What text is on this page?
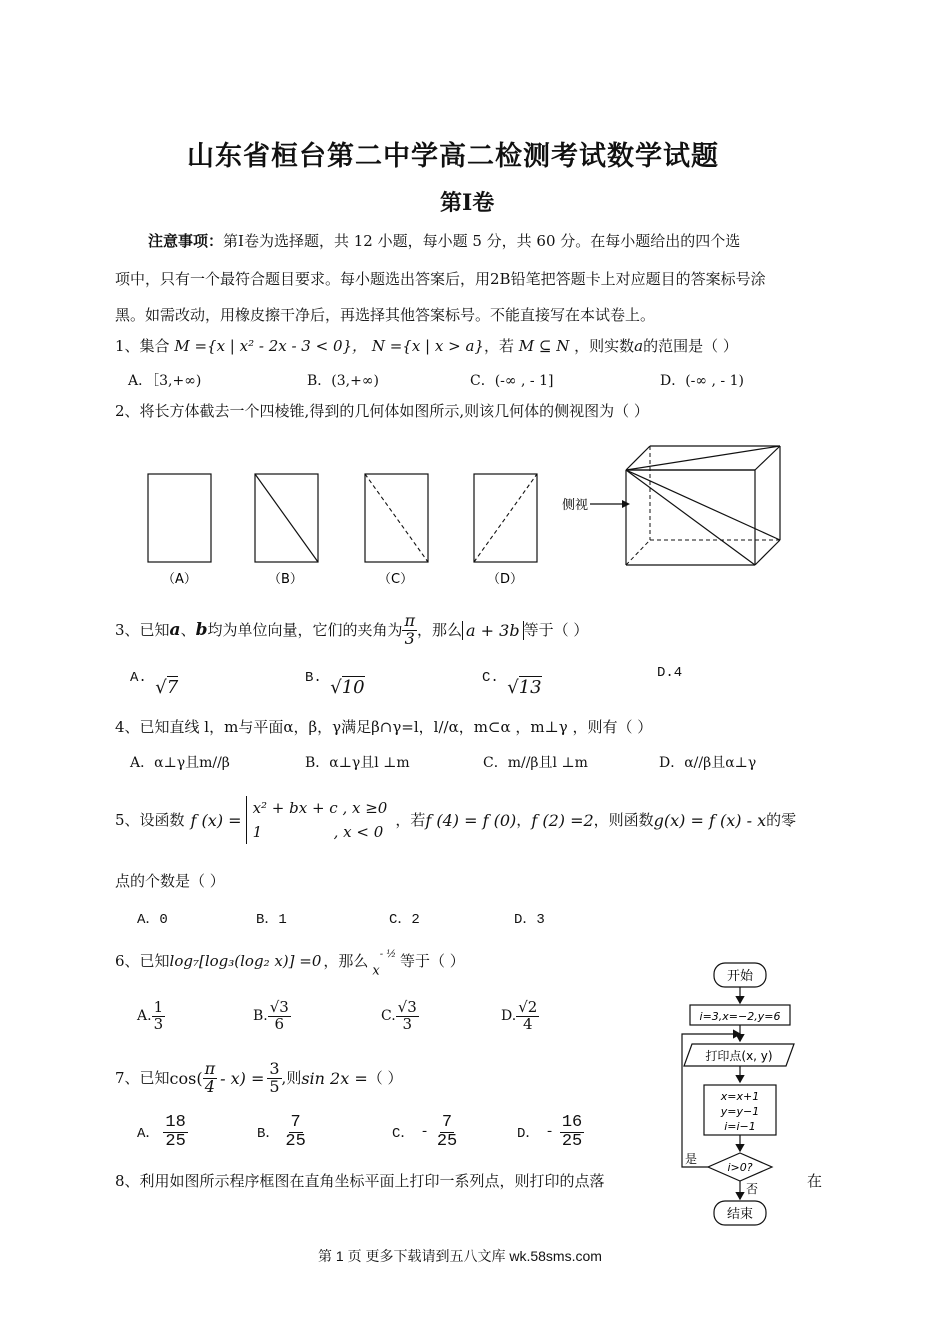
山东省桓台第二中学高二检测考试数学试题
第Ⅰ卷
注意事项：第Ⅰ卷为选择题，共 12 小题，每小题 5 分，共 60 分。在每小题给出的四个选
项中，只有一个最符合题目要求。每小题选出答案后，用2B铅笔把答题卡上对应题目的答案标号涂
黑。如需改动，用橡皮擦干净后，再选择其他答案标号。不能直接写在本试卷上。
1、集合 M ={x | x² - 2x - 3 < 0}， N ={x | x > a}，若 M ⊆ N ，则实数a的范围是（ ）
A．［3,+∞)	B．(3,+∞)	C．(-∞ , - 1]	D．(-∞ , - 1)
2、将长方体截去一个四棱锥,得到的几何体如图所示,则该几何体的侧视图为（ ）
（A）	（B）	（C）	（D）
侧视
3、已知 a 、 b 均为单位向量，它们的夹角为 $\frac{\pi}{3}$ ，那么 a + 3b 等于（ ）
A. √7	B. √10	C. √13
D.4
4、已知直线 l，m与平面α，β，γ满足β∩γ=l，l//α，m⊂α ，m⊥γ ，则有（ ）
A．α⊥γ且m//β	B．α⊥γ且l ⊥m	C．m//β且l ⊥m	D．α//β且α⊥γ
5、设函数 f (x) =
x² + bx + c , x ≥0
1               , x < 0
，若 f (4) = f (0) ， f (2) =2 ，则函数 g(x) = f (x) - x 的零
点的个数是（ ）
A．0	B．1	C．2	D．3
6、已知 log₇[log₃(log₂ x)] =0 ，那么
$x^{- \frac{1}{2}}$ 等于（ ）
A. $\frac{1}{3}$	B. $\frac{√3}{6}$	C. $\frac{√3}{3}$	D. $\frac{√2}{4}$
7、已知 $\cos( \frac{\pi}{4} - x) = \frac{3}{5}$ ,则 sin 2x = （ ）
A． $\frac{18}{25}$	B． $\frac{7}{25}$	C． - $\frac{7}{25}$	D． - $\frac{16}{25}$
8、利用如图所示程序框图在直角坐标平面上打印一系列点，则打印的点落	在
开始
i=3,x=−2,y=6
打印点(x, y)
x=x+1
y=y−1
i=i−1
i>0?
是
否
结束
第 1 页 更多下载请到五八文库 wk.58sms.com
